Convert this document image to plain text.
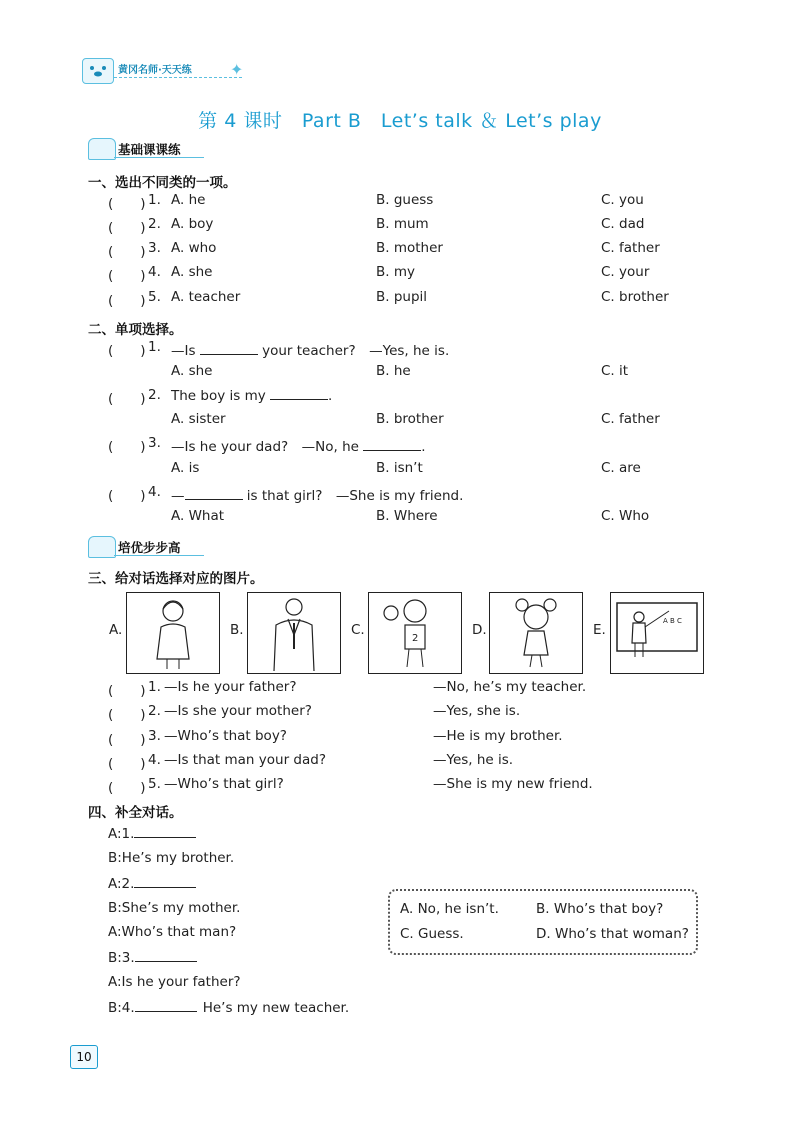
黄冈名师·天天练 ✦
第 4 课时　Part B　Let’s talk ＆ Let’s play
基础课课练
一、选出不同类的一项。
(　　) 1. A. he	B. guess	C. you
(　　) 2. A. boy	B. mum	C. dad
(　　) 3. A. who	B. mother	C. father
(　　) 4. A. she	B. my	C. your
(　　) 5. A. teacher	B. pupil	C. brother
二、单项选择。
(　　) 1. —Is	your teacher?　—Yes, he is.
A. she	B. he	C. it
(　　) 2. The boy is my	.
A. sister	B. brother	C. father
(　　) 3. —Is he your dad?　—No, he	.
A. is	B. isn’t	C. are
(　　) 4. —	is that girl?　—She is my friend.
A. What	B. Where	C. Who
培优步步高
三、给对话选择对应的图片。
A.	B.	C.
2
D.	E.
A B C
(　　) 1. —Is he your father?	—No, he’s my teacher.
(　　) 2. —Is she your mother?	—Yes, she is.
(　　) 3. —Who’s that boy?	—He is my brother.
(　　) 4. —Is that man your dad?	—Yes, he is.
(　　) 5. —Who’s that girl?	—She is my new friend.
四、补全对话。
A:1.
B:He’s my brother.
A:2.
B:She’s my mother.
A:Who’s that man?
B:3.
A:Is he your father?
B:4.	He’s my new teacher.
A. No, he isn’t.	B. Who’s that boy?
C. Guess.	D. Who’s that woman?
10
